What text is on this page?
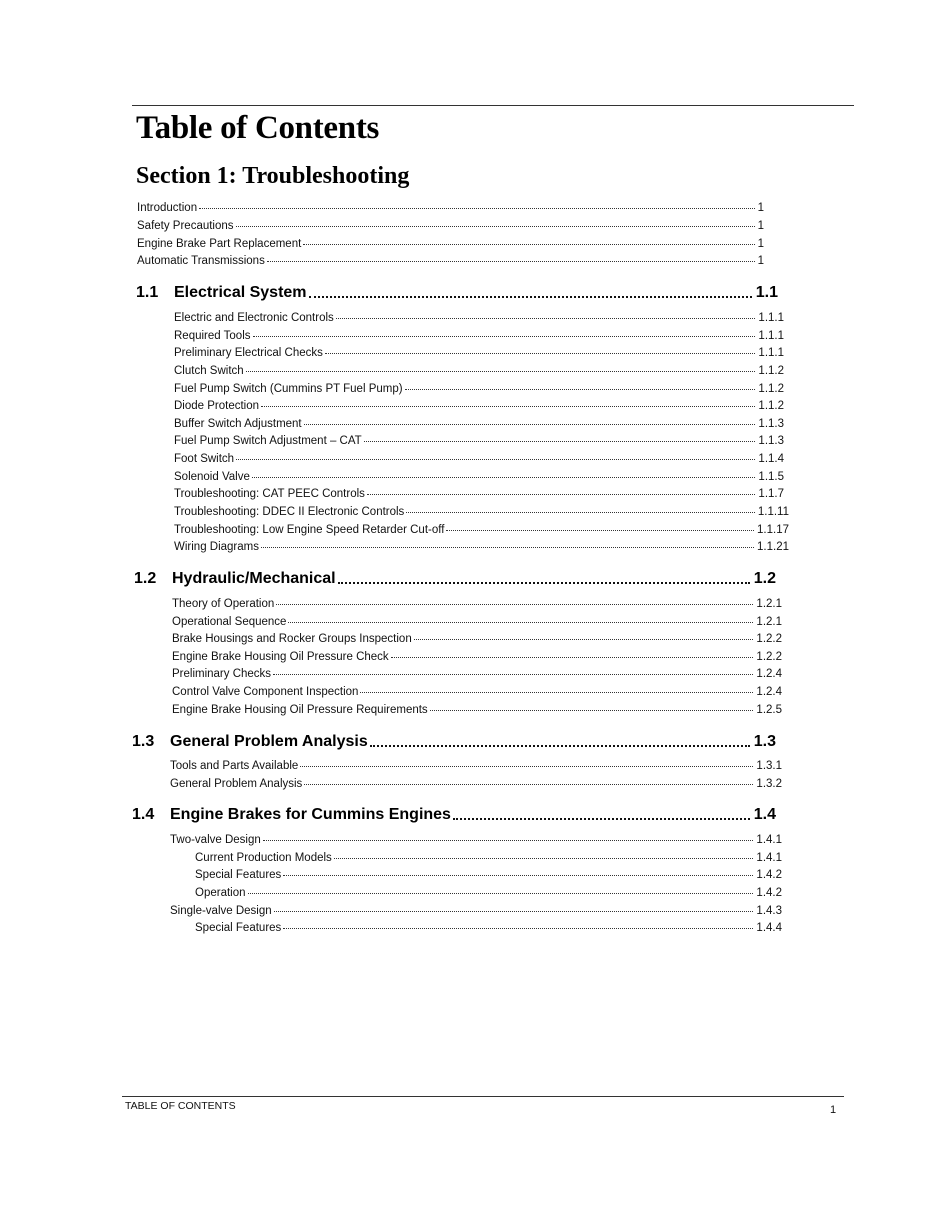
Table of Contents
Section 1: Troubleshooting
Introduction	1
Safety Precautions	1
Engine Brake Part Replacement	1
Automatic Transmissions	1
1.1 Electrical System	1.1
Electric and Electronic Controls	1.1.1
Required Tools	1.1.1
Preliminary Electrical Checks	1.1.1
Clutch Switch	1.1.2
Fuel Pump Switch (Cummins PT Fuel Pump)	1.1.2
Diode Protection	1.1.2
Buffer Switch Adjustment	1.1.3
Fuel Pump Switch Adjustment – CAT	1.1.3
Foot Switch	1.1.4
Solenoid Valve	1.1.5
Troubleshooting: CAT PEEC Controls	1.1.7
Troubleshooting: DDEC II Electronic Controls	1.1.11
Troubleshooting: Low Engine Speed Retarder Cut-off	1.1.17
Wiring Diagrams	1.1.21
1.2 Hydraulic/Mechanical	1.2
Theory of Operation	1.2.1
Operational Sequence	1.2.1
Brake Housings and Rocker Groups Inspection	1.2.2
Engine Brake Housing Oil Pressure Check	1.2.2
Preliminary Checks	1.2.4
Control Valve Component Inspection	1.2.4
Engine Brake Housing Oil Pressure Requirements	1.2.5
1.3 General Problem Analysis	1.3
Tools and Parts Available	1.3.1
General Problem Analysis	1.3.2
1.4 Engine Brakes for Cummins Engines	1.4
Two-valve Design	1.4.1
Current Production Models	1.4.1
Special Features	1.4.2
Operation	1.4.2
Single-valve Design	1.4.3
Special Features	1.4.4
TABLE OF CONTENTS	1
